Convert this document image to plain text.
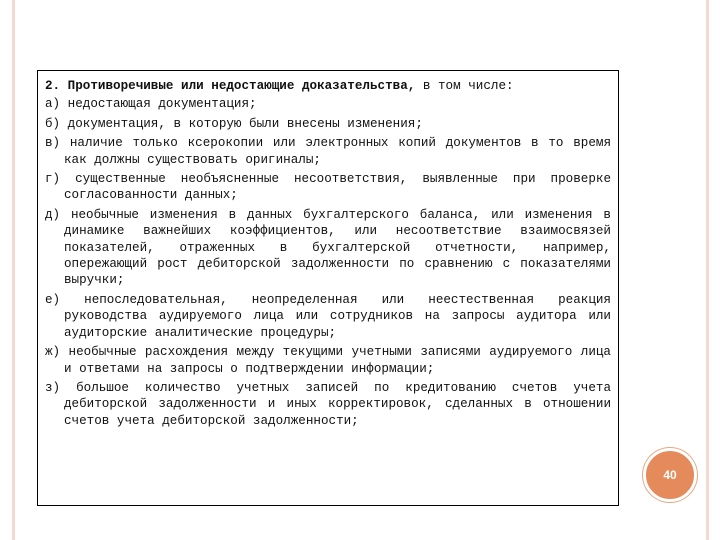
2. Противоречивые или недостающие доказательства, в том числе:

а) недостающая документация;

б) документация, в которую были внесены изменения;

в) наличие только ксерокопии или электронных копий документов в то время как должны существовать оригиналы;

г) существенные необъясненные несоответствия, выявленные при проверке согласованности данных;

д) необычные изменения в данных бухгалтерского баланса, или изменения в динамике важнейших коэффициентов, или несоответствие взаимосвязей показателей, отраженных в бухгалтерской отчетности, например, опережающий рост дебиторской задолженности по сравнению с показателями выручки;

е) непоследовательная, неопределенная или неестественная реакция руководства аудируемого лица или сотрудников на запросы аудитора или аудиторские аналитические процедуры;

ж) необычные расхождения между текущими учетными записями аудируемого лица и ответами на запросы о подтверждении информации;

з) большое количество учетных записей по кредитованию счетов учета дебиторской задолженности и иных корректировок, сделанных в отношении счетов учета дебиторской задолженности;

40
